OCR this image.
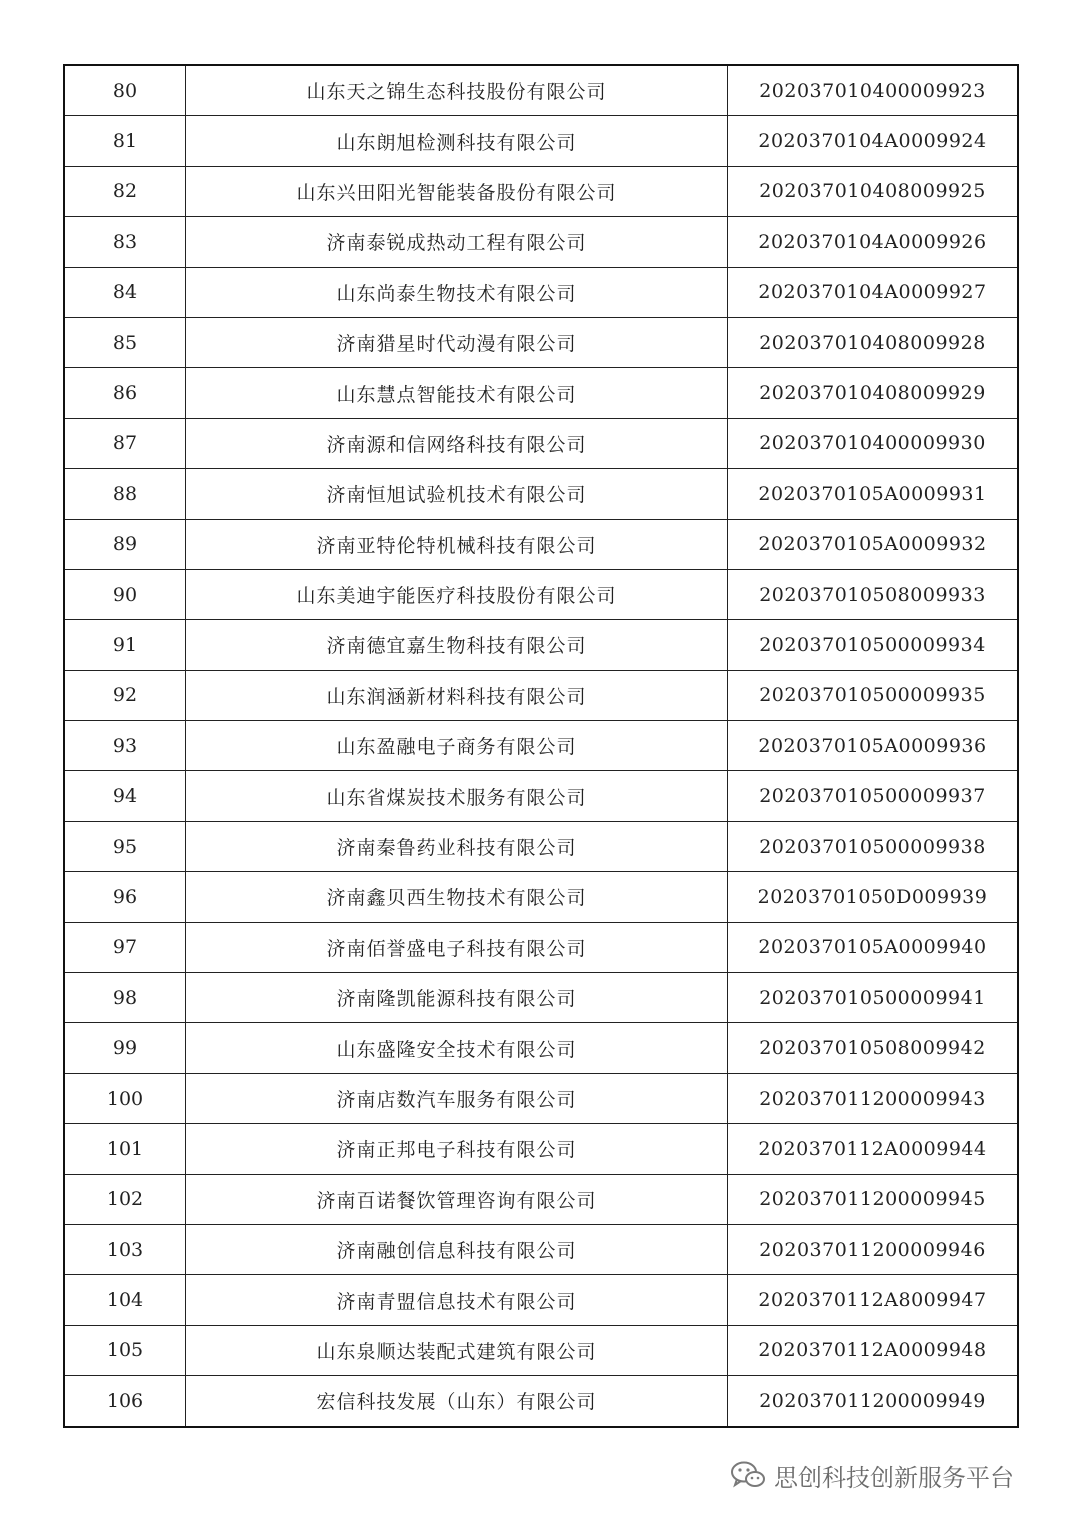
80	山东天之锦生态科技股份有限公司	202037010400009923
81	山东朗旭检测科技有限公司	2020370104A0009924
82	山东兴田阳光智能装备股份有限公司	202037010408009925
83	济南泰锐成热动工程有限公司	2020370104A0009926
84	山东尚泰生物技术有限公司	2020370104A0009927
85	济南猎星时代动漫有限公司	202037010408009928
86	山东慧点智能技术有限公司	202037010408009929
87	济南源和信网络科技有限公司	202037010400009930
88	济南恒旭试验机技术有限公司	2020370105A0009931
89	济南亚特伦特机械科技有限公司	2020370105A0009932
90	山东美迪宇能医疗科技股份有限公司	202037010508009933
91	济南德宜嘉生物科技有限公司	202037010500009934
92	山东润涵新材料科技有限公司	202037010500009935
93	山东盈融电子商务有限公司	2020370105A0009936
94	山东省煤炭技术服务有限公司	202037010500009937
95	济南秦鲁药业科技有限公司	202037010500009938
96	济南鑫贝西生物技术有限公司	20203701050D009939
97	济南佰誉盛电子科技有限公司	2020370105A0009940
98	济南隆凯能源科技有限公司	202037010500009941
99	山东盛隆安全技术有限公司	202037010508009942
100	济南店数汽车服务有限公司	202037011200009943
101	济南正邦电子科技有限公司	2020370112A0009944
102	济南百诺餐饮管理咨询有限公司	202037011200009945
103	济南融创信息科技有限公司	202037011200009946
104	济南青盟信息技术有限公司	2020370112A8009947
105	山东泉顺达装配式建筑有限公司	2020370112A0009948
106	宏信科技发展（山东）有限公司	202037011200009949
思创科技创新服务平台
